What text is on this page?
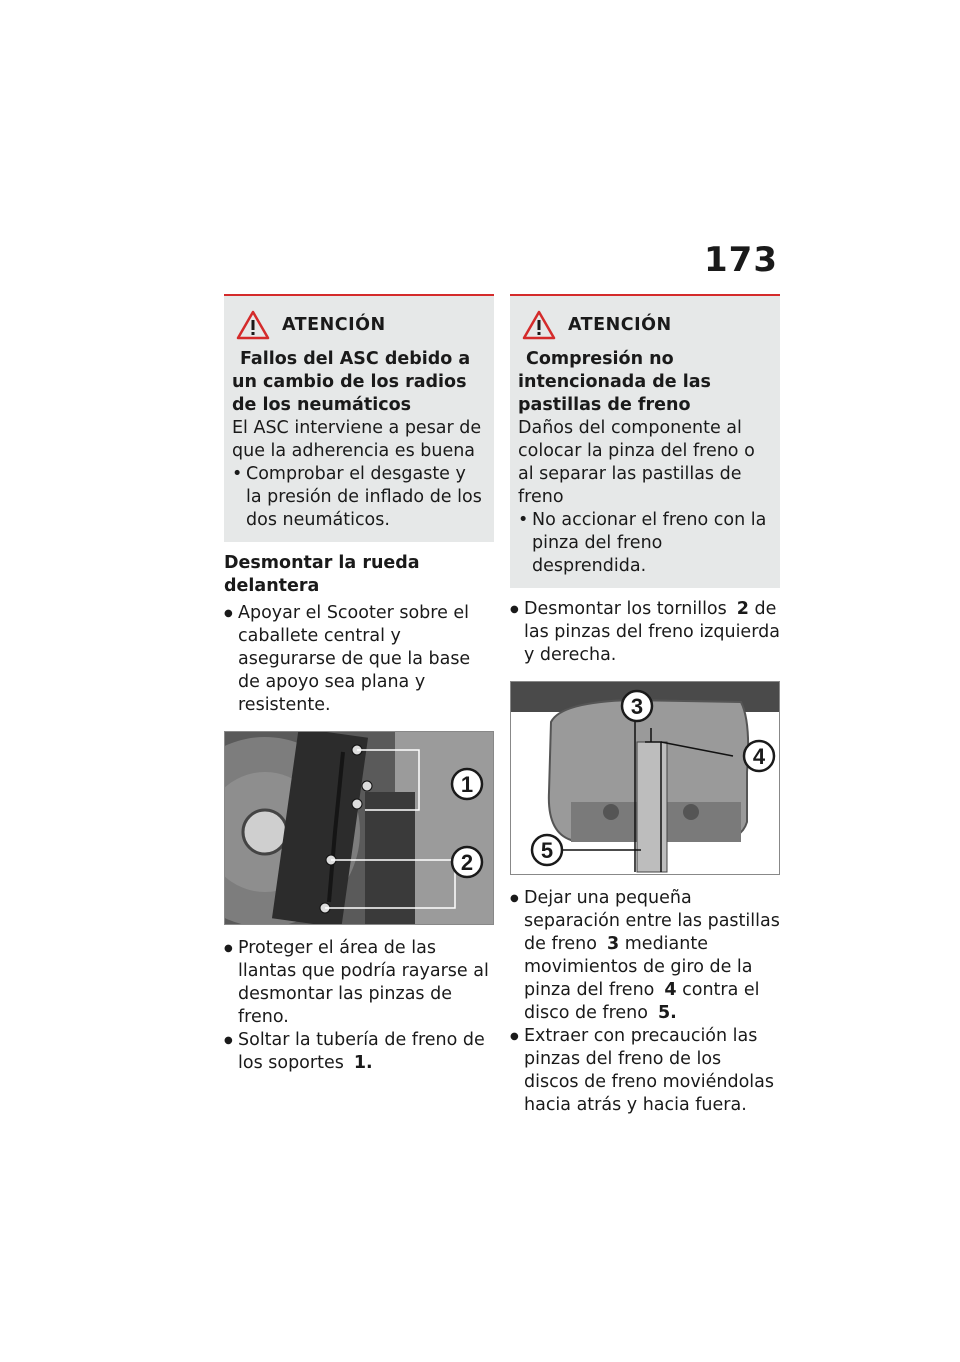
173
ATENCIÓN
Fallos del ASC debido a un cambio de los radios de los neumáticos
El ASC interviene a pesar de que la adherencia es buena
• Comprobar el desgaste y la presión de inflado de los dos neumáticos.
Desmontar la rueda delantera
● Apoyar el Scooter sobre el caballete central y asegurarse de que la base de apoyo sea plana y resistente.
1
2
● Proteger el área de las llantas que podría rayarse al desmontar las pinzas de freno.
● Soltar la tubería de freno de los soportes 1.
ATENCIÓN
Compresión no intencionada de las pastillas de freno
Daños del componente al colocar la pinza del freno o al separar las pastillas de freno
• No accionar el freno con la pinza del freno desprendida.
● Desmontar los tornillos 2 de las pinzas del freno izquierda y derecha.
3
4
5
● Dejar una pequeña separación entre las pastillas de freno 3 mediante movimientos de giro de la pinza del freno 4 contra el disco de freno 5.
● Extraer con precaución las pinzas del freno de los discos de freno moviéndolas hacia atrás y hacia fuera.
